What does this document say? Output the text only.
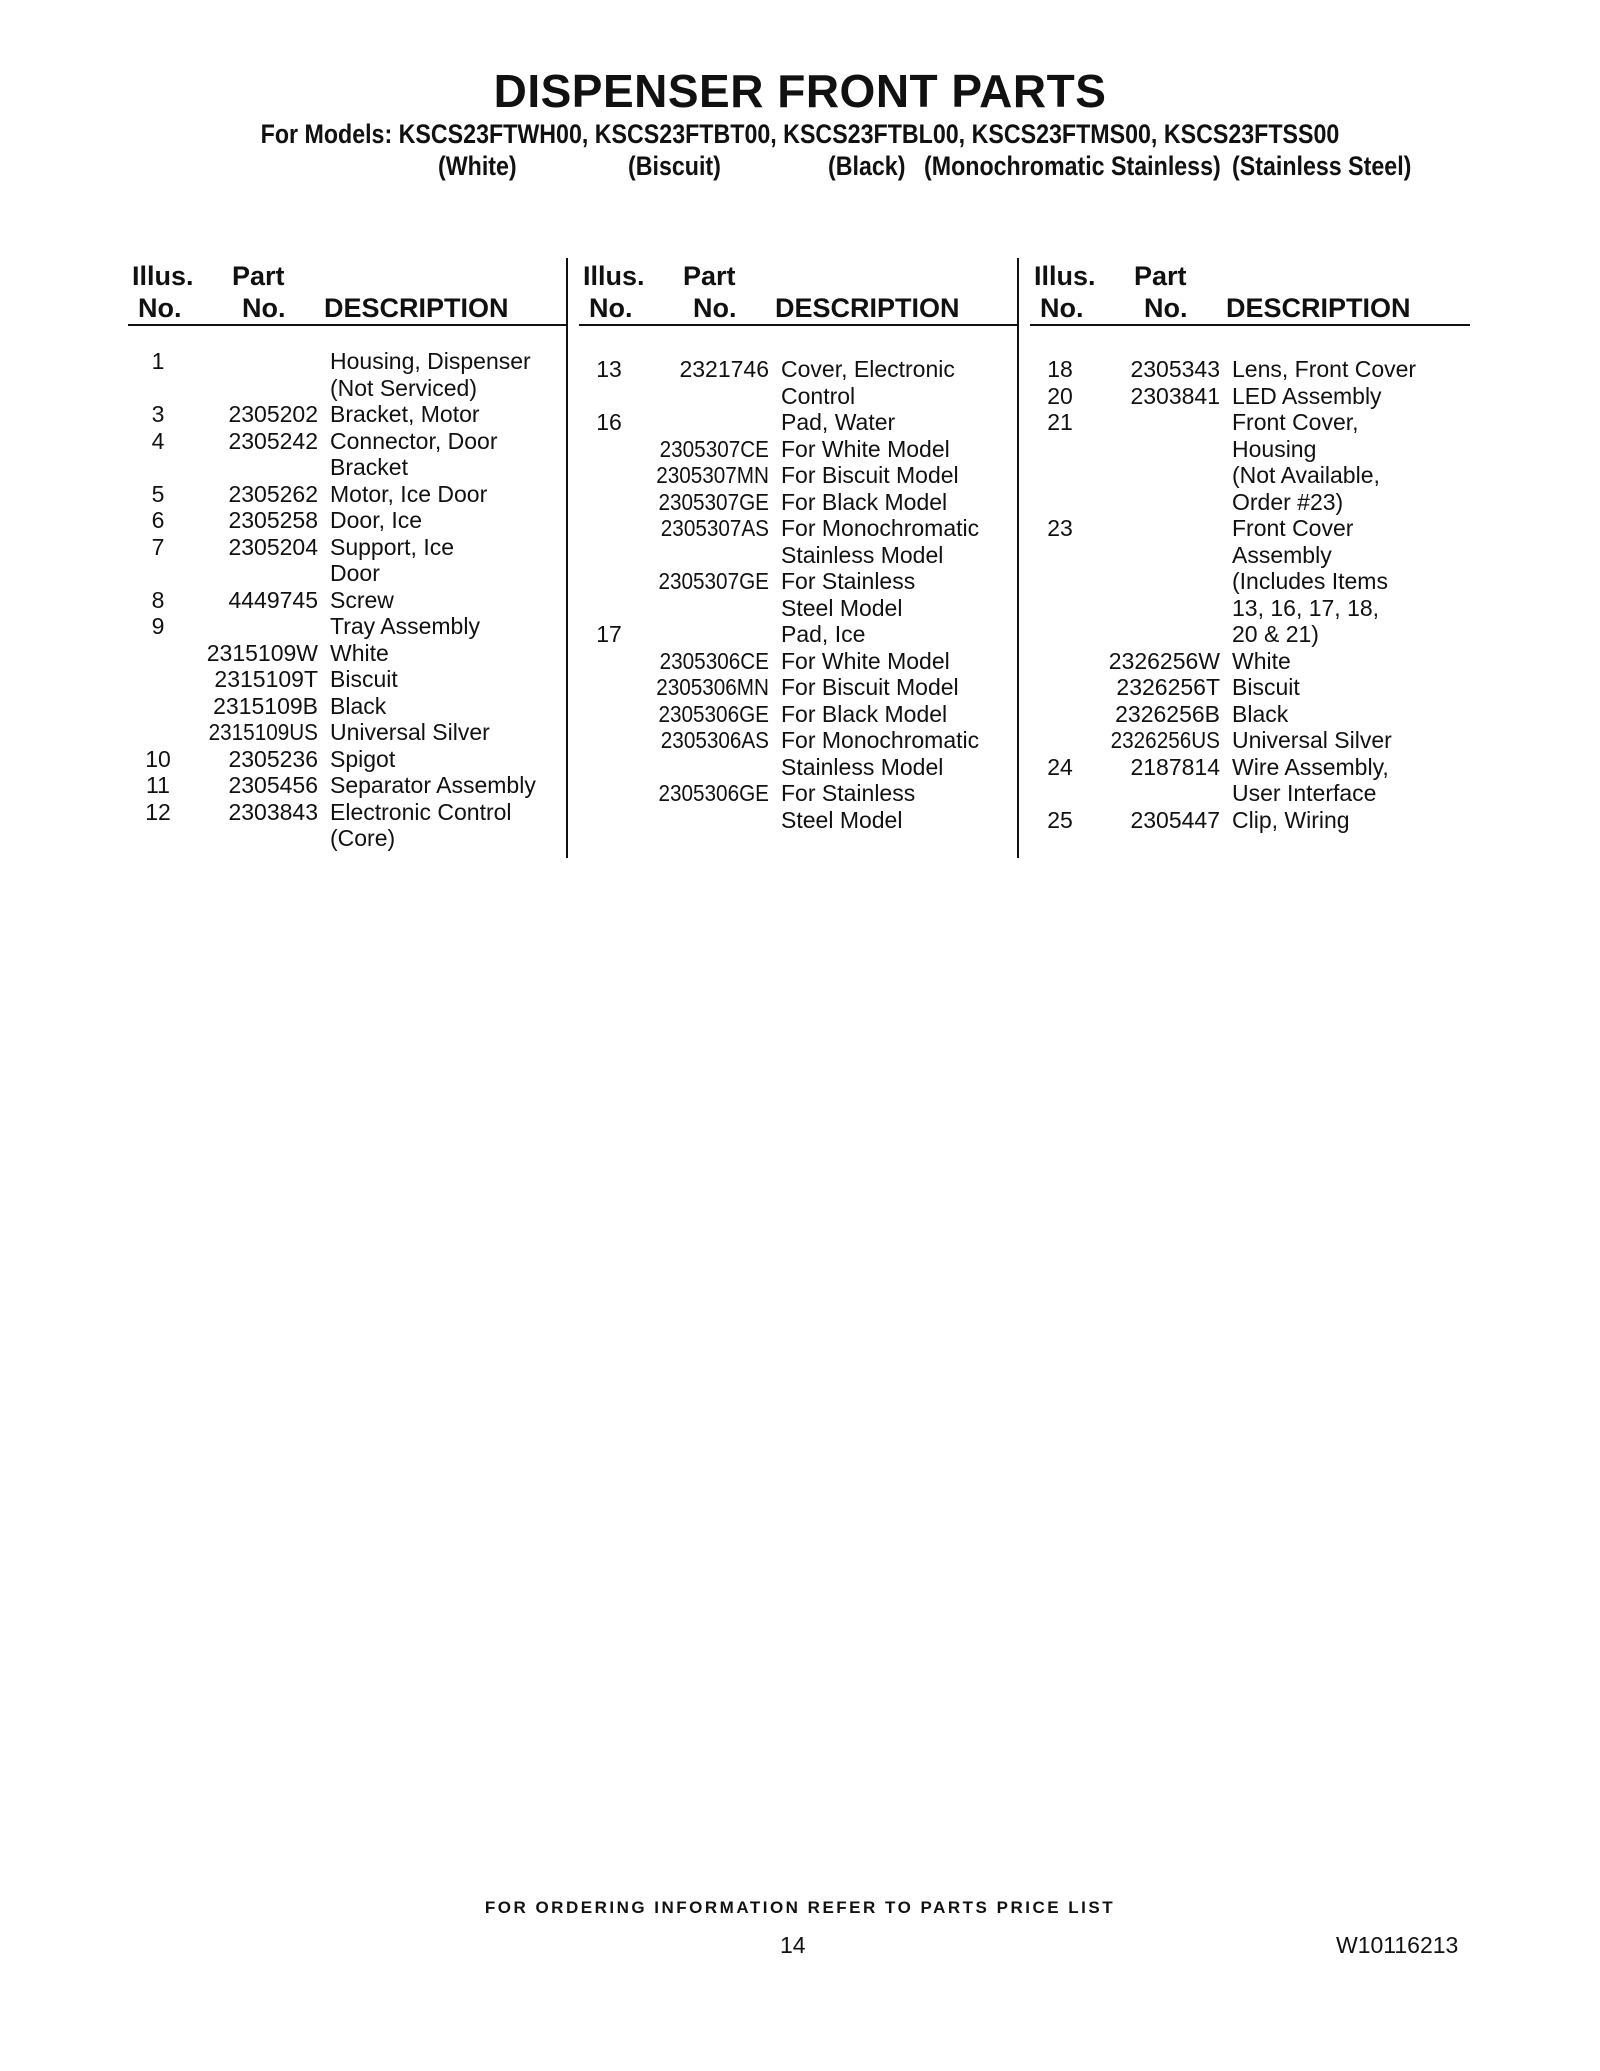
DISPENSER FRONT PARTS
For Models: KSCS23FTWH00, KSCS23FTBT00, KSCS23FTBL00, KSCS23FTMS00, KSCS23FTSS00
(White)	(Biscuit)	(Black) (Monochromatic Stainless) (Stainless Steel)
Illus.
No.
Part
No. DESCRIPTION
1	Housing, Dispenser
(Not Serviced)
3	2305202 Bracket, Motor
4	2305242 Connector, Door
Bracket
5	2305262 Motor, Ice Door
6	2305258 Door, Ice
7	2305204 Support, Ice
Door
8	4449745 Screw
9	Tray Assembly
2315109W White
2315109T Biscuit
2315109B Black
2315109US Universal Silver
10	2305236 Spigot
11	2305456 Separator Assembly
12	2303843 Electronic Control
(Core)
Illus.
No.
Part
No. DESCRIPTION
13	2321746 Cover, Electronic
Control
16	Pad, Water
2305307CE For White Model
2305307MN For Biscuit Model
2305307GE For Black Model
2305307AS For Monochromatic
Stainless Model
2305307GE For Stainless
Steel Model
17	Pad, Ice
2305306CE For White Model
2305306MN For Biscuit Model
2305306GE For Black Model
2305306AS For Monochromatic
Stainless Model
2305306GE For Stainless
Steel Model
Illus.
No.
Part
No. DESCRIPTION
18	2305343 Lens, Front Cover
20	2303841 LED Assembly
21	Front Cover,
Housing
(Not Available,
Order #23)
23	Front Cover
Assembly
(Includes Items
13, 16, 17, 18,
20 & 21)
2326256W White
2326256T Biscuit
2326256B Black
2326256US Universal Silver
24	2187814 Wire Assembly,
User Interface
25	2305447 Clip, Wiring
FOR ORDERING INFORMATION REFER TO PARTS PRICE LIST
14	W10116213
